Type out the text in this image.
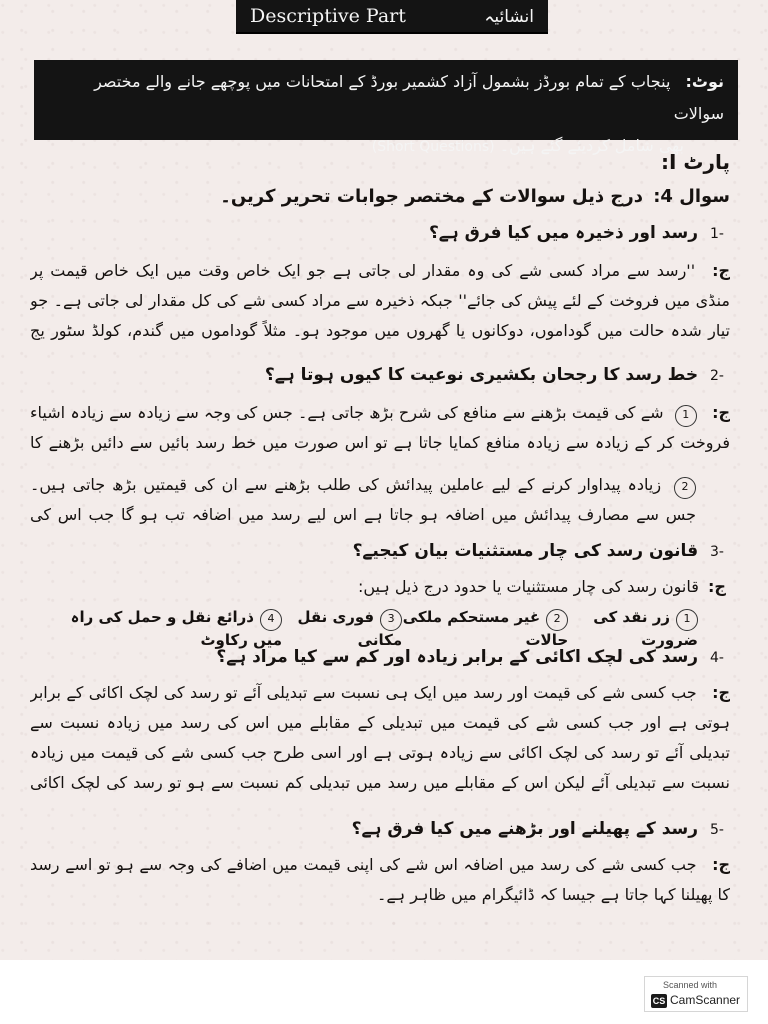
Descriptive Part	انشائیہ
نوٹ: پنجاب کے تمام بورڈز بشمول آزاد کشمیر بورڈ کے امتحانات میں پوچھے جانے والے مختصر سوالات
بھی شامل کردیئے گئے ہیں۔ (Short Questions)
پارٹ I:
سوال 4: درج ذیل سوالات کے مختصر جوابات تحریر کریں۔
-1 رسد اور ذخیرہ میں کیا فرق ہے؟
ج: ''رسد سے مراد کسی شے کی وہ مقدار لی جاتی ہے جو ایک خاص وقت میں ایک خاص قیمت پر منڈی میں فروخت کے لئے پیش کی جائے'' جبکہ ذخیرہ سے مراد کسی شے کی کل مقدار لی جاتی ہے۔ جو تیار شدہ حالت میں گوداموں، دوکانوں یا گھروں میں موجود ہو۔ مثلاً گوداموں میں گندم، کولڈ سٹور یج
-2 خط رسد کا رجحان بکشیری نوعیت کا کیوں ہوتا ہے؟
ج: 1 شے کی قیمت بڑھنے سے منافع کی شرح بڑھ جاتی ہے۔ جس کی وجہ سے زیادہ سے زیادہ اشیاء فروخت کر کے زیادہ سے زیادہ منافع کمایا جاتا ہے تو اس صورت میں خط رسد بائیں سے دائیں بڑھنے کا
2 زیادہ پیداوار کرنے کے لیے عاملین پیدائش کی طلب بڑھنے سے ان کی قیمتیں بڑھ جاتی ہیں۔ جس سے مصارف پیدائش میں اضافہ ہو جاتا ہے اس لیے رسد میں اضافہ تب ہو گا جب اس کی
-3 قانون رسد کی چار مستثنیات بیان کیجیے؟
ج: قانون رسد کی چار مستثنیات یا حدود درج ذیل ہیں:
1زر نقد کی ضرورت
2غیر مستحکم ملکی حالات
3فوری نقل مکانی
4ذرائع نقل و حمل کی راہ میں رکاوٹ
-4 رسد کی لچک اکائی کے برابر زیادہ اور کم سے کیا مراد ہے؟
ج: جب کسی شے کی قیمت اور رسد میں ایک ہی نسبت سے تبدیلی آئے تو رسد کی لچک اکائی کے برابر ہوتی ہے اور جب کسی شے کی قیمت میں تبدیلی کے مقابلے میں اس کی رسد میں زیادہ نسبت سے تبدیلی آئے تو رسد کی لچک اکائی سے زیادہ ہوتی ہے اور اسی طرح جب کسی شے کی قیمت میں زیادہ نسبت سے تبدیلی آئے لیکن اس کے مقابلے میں رسد میں تبدیلی کم نسبت سے ہو تو رسد کی لچک اکائی
-5 رسد کے پھیلنے اور بڑھنے میں کیا فرق ہے؟
ج: جب کسی شے کی رسد میں اضافہ اس شے کی اپنی قیمت میں اضافے کی وجہ سے ہو تو اسے رسد کا پھیلنا کہا جاتا ہے جیسا کہ ڈائیگرام میں ظاہر ہے۔
Scanned with
CS CamScanner
